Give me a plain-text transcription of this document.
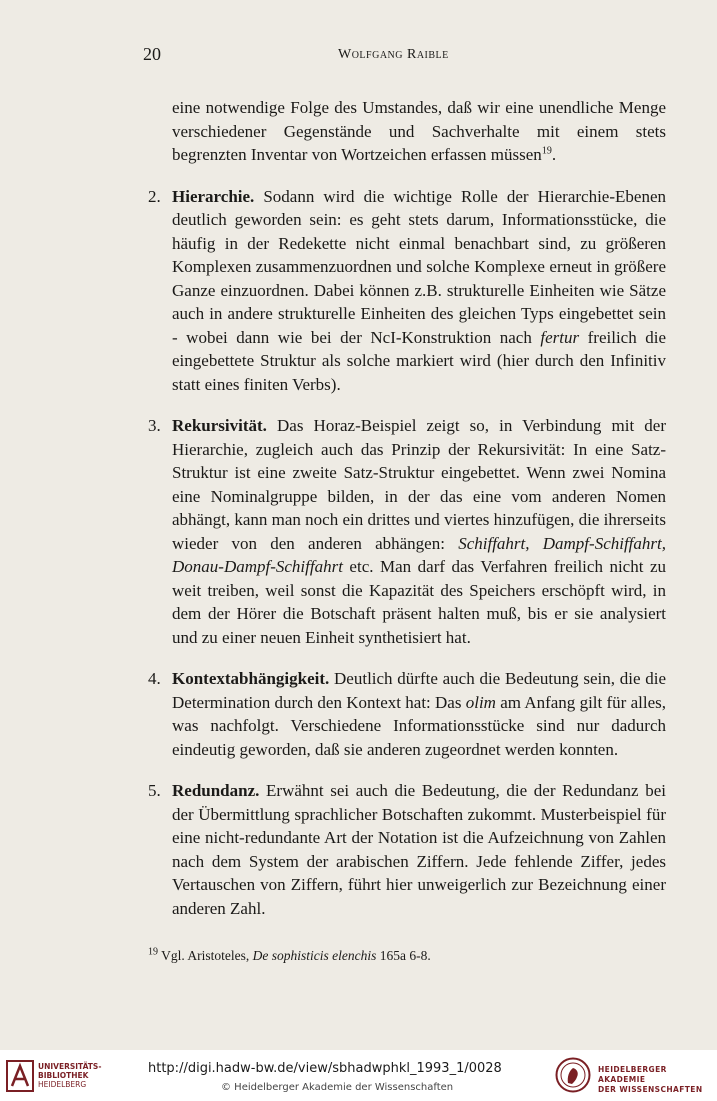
20	Wolfgang Raible

eine notwendige Folge des Umstandes, daß wir eine unendliche Menge verschiedener Gegenstände und Sachverhalte mit einem stets begrenzten Inventar von Wortzeichen erfassen müssen$^{19}$.

2. Hierarchie. Sodann wird die wichtige Rolle der Hierarchie-Ebenen deutlich geworden sein: es geht stets darum, Informationsstücke, die häufig in der Redekette nicht einmal benachbart sind, zu größeren Komplexen zusammenzuordnen und solche Komplexe erneut in größere Ganze einzuordnen. Dabei können z.B. strukturelle Einheiten wie Sätze auch in andere strukturelle Einheiten des gleichen Typs eingebettet sein - wobei dann wie bei der NcI-Konstruktion nach fertur freilich die eingebettete Struktur als solche markiert wird (hier durch den Infinitiv statt eines finiten Verbs).

3. Rekursivität. Das Horaz-Beispiel zeigt so, in Verbindung mit der Hierarchie, zugleich auch das Prinzip der Rekursivität: In eine Satz-Struktur ist eine zweite Satz-Struktur eingebettet. Wenn zwei Nomina eine Nominalgruppe bilden, in der das eine vom anderen Nomen abhängt, kann man noch ein drittes und viertes hinzufügen, die ihrerseits wieder von den anderen abhängen: Schiffahrt, Dampf-Schiffahrt, Donau-Dampf-Schiffahrt etc. Man darf das Verfahren freilich nicht zu weit treiben, weil sonst die Kapazität des Speichers erschöpft wird, in dem der Hörer die Botschaft präsent halten muß, bis er sie analysiert und zu einer neuen Einheit synthetisiert hat.

4. Kontextabhängigkeit. Deutlich dürfte auch die Bedeutung sein, die die Determination durch den Kontext hat: Das olim am Anfang gilt für alles, was nachfolgt. Verschiedene Informationsstücke sind nur dadurch eindeutig geworden, daß sie anderen zugeordnet werden konnten.

5. Redundanz. Erwähnt sei auch die Bedeutung, die der Redundanz bei der Übermittlung sprachlicher Botschaften zukommt. Musterbeispiel für eine nicht-redundante Art der Notation ist die Aufzeichnung von Zahlen nach dem System der arabischen Ziffern. Jede fehlende Ziffer, jedes Vertauschen von Ziffern, führt hier unweigerlich zur Bezeichnung einer anderen Zahl.

$^{19}$ Vgl. Aristoteles, De sophisticis elenchis 165a 6-8.
UNIVERSITÄTS-
BIBLIOTHEK
HEIDELBERG
http://digi.hadw-bw.de/view/sbhadwphkl_1993_1/0028
© Heidelberger Akademie der Wissenschaften
HEIDELBERGER AKADEMIE
DER WISSENSCHAFTEN
